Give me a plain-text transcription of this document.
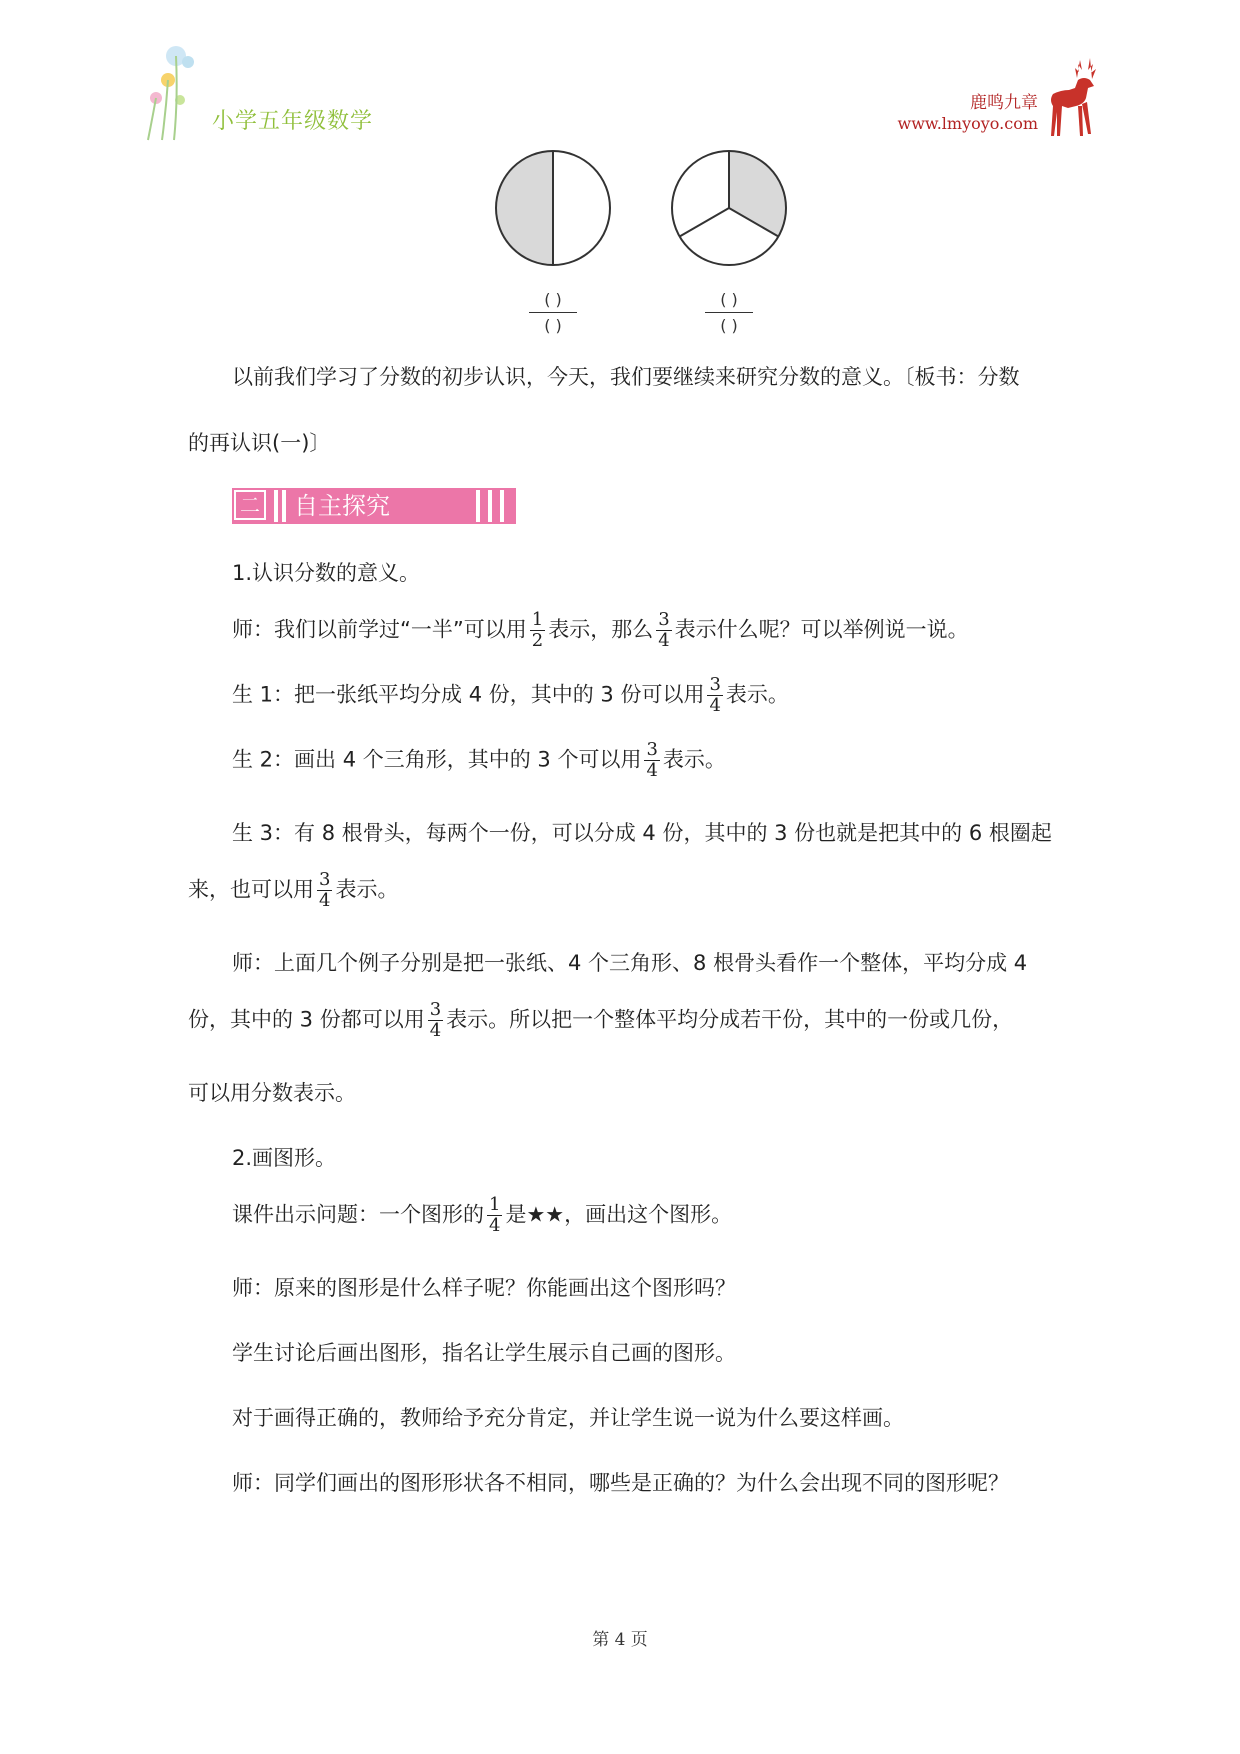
小学五年级数学
鹿鸣九章
www.lmyoyo.com
( )
( )
( )
( )
以前我们学习了分数的初步认识，今天，我们要继续来研究分数的意义。〔板书：分数
的再认识(一)〕
二 自主探究
1.认识分数的意义。
师：我们以前学过“一半”可以用 $\frac{1}{2}$ 表示，那么 $\frac{3}{4}$ 表示什么呢？可以举例说一说。
生 1：把一张纸平均分成 4 份，其中的 3 份可以用 $\frac{3}{4}$ 表示。
生 2：画出 4 个三角形，其中的 3 个可以用 $\frac{3}{4}$ 表示。
生 3：有 8 根骨头，每两个一份，可以分成 4 份，其中的 3 份也就是把其中的 6 根圈起
来，也可以用 $\frac{3}{4}$ 表示。
师：上面几个例子分别是把一张纸、4 个三角形、8 根骨头看作一个整体，平均分成 4
份，其中的 3 份都可以用 $\frac{3}{4}$ 表示。所以把一个整体平均分成若干份，其中的一份或几份，
可以用分数表示。
2.画图形。
课件出示问题：一个图形的 $\frac{1}{4}$ 是★★，画出这个图形。
师：原来的图形是什么样子呢？你能画出这个图形吗？
学生讨论后画出图形，指名让学生展示自己画的图形。
对于画得正确的，教师给予充分肯定，并让学生说一说为什么要这样画。
师：同学们画出的图形形状各不相同，哪些是正确的？为什么会出现不同的图形呢？
第 4 页
